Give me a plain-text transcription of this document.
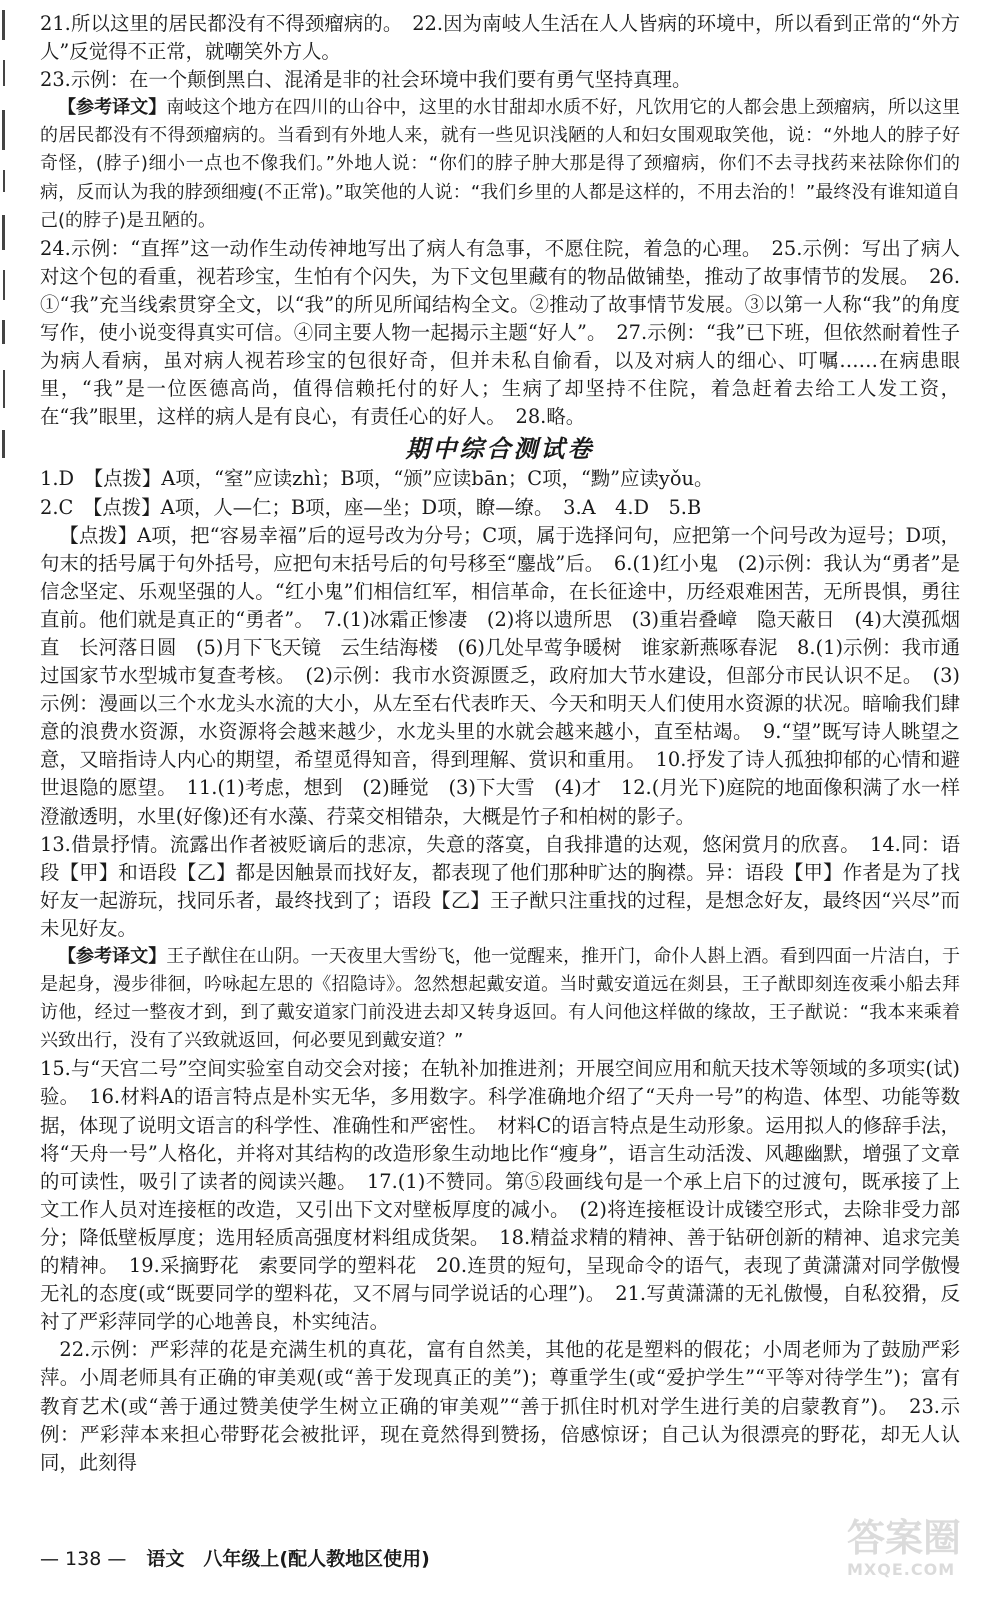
21.所以这里的居民都没有不得颈瘤病的。　22.因为南岐人生活在人人皆病的环境中，所以看到正常的“外方人”反觉得不正常，就嘲笑外方人。

23.示例：在一个颠倒黑白、混淆是非的社会环境中我们要有勇气坚持真理。

【参考译文】南岐这个地方在四川的山谷中，这里的水甘甜却水质不好，凡饮用它的人都会患上颈瘤病，所以这里的居民都没有不得颈瘤病的。当看到有外地人来，就有一些见识浅陋的人和妇女围观取笑他，说：“外地人的脖子好奇怪，(脖子)细小一点也不像我们。”外地人说：“你们的脖子肿大那是得了颈瘤病，你们不去寻找药来祛除你们的病，反而认为我的脖颈细瘦(不正常)。”取笑他的人说：“我们乡里的人都是这样的，不用去治的！”最终没有谁知道自己(的脖子)是丑陋的。

24.示例：“直挥”这一动作生动传神地写出了病人有急事，不愿住院，着急的心理。　25.示例：写出了病人对这个包的看重，视若珍宝，生怕有个闪失，为下文包里藏有的物品做铺垫，推动了故事情节的发展。　26.①“我”充当线索贯穿全文，以“我”的所见所闻结构全文。②推动了故事情节发展。③以第一人称“我”的角度写作，使小说变得真实可信。④同主要人物一起揭示主题“好人”。　27.示例：“我”已下班，但依然耐着性子为病人看病，虽对病人视若珍宝的包很好奇，但并未私自偷看，以及对病人的细心、叮嘱……在病患眼里，“我”是一位医德高尚，值得信赖托付的好人；生病了却坚持不住院，着急赶着去给工人发工资，在“我”眼里，这样的病人是有良心，有责任心的好人。　28.略。

期中综合测试卷

1.D　【点拨】A项，“窒”应读zhì；B项，“颁”应读bān；C项，“黝”应读yǒu。

2.C　【点拨】A项，人—仁；B项，座—坐；D项，瞭—缭。　3.A　4.D　5.B

【点拨】A项，把“容易幸福”后的逗号改为分号；C项，属于选择问句，应把第一个问号改为逗号；D项，句末的括号属于句外括号，应把句末括号后的句号移至“鏖战”后。　6.(1)红小鬼　(2)示例：我认为“勇者”是信念坚定、乐观坚强的人。“红小鬼”们相信红军，相信革命，在长征途中，历经艰难困苦，无所畏惧，勇往直前。他们就是真正的“勇者”。　7.(1)冰霜正惨凄　(2)将以遗所思　(3)重岩叠嶂　隐天蔽日　(4)大漠孤烟直　长河落日圆　(5)月下飞天镜　云生结海楼　(6)几处早莺争暖树　谁家新燕啄春泥　8.(1)示例：我市通过国家节水型城市复查考核。　(2)示例：我市水资源匮乏，政府加大节水建设，但部分市民认识不足。　(3)示例：漫画以三个水龙头水流的大小，从左至右代表昨天、今天和明天人们使用水资源的状况。暗喻我们肆意的浪费水资源，水资源将会越来越少，水龙头里的水就会越来越小，直至枯竭。　9.“望”既写诗人眺望之意，又暗指诗人内心的期望，希望觅得知音，得到理解、赏识和重用。　10.抒发了诗人孤独抑郁的心情和避世退隐的愿望。　11.(1)考虑，想到　(2)睡觉　(3)下大雪　(4)才　12.(月光下)庭院的地面像积满了水一样澄澈透明，水里(好像)还有水藻、荇菜交相错杂，大概是竹子和柏树的影子。

13.借景抒情。流露出作者被贬谪后的悲凉，失意的落寞，自我排遣的达观，悠闲赏月的欣喜。　14.同：语段【甲】和语段【乙】都是因触景而找好友，都表现了他们那种旷达的胸襟。异：语段【甲】作者是为了找好友一起游玩，找同乐者，最终找到了；语段【乙】王子猷只注重找的过程，是想念好友，最终因“兴尽”而未见好友。

【参考译文】王子猷住在山阴。一天夜里大雪纷飞，他一觉醒来，推开门，命仆人斟上酒。看到四面一片洁白，于是起身，漫步徘徊，吟咏起左思的《招隐诗》。忽然想起戴安道。当时戴安道远在剡县，王子猷即刻连夜乘小船去拜访他，经过一整夜才到，到了戴安道家门前没进去却又转身返回。有人问他这样做的缘故，王子猷说：“我本来乘着兴致出行，没有了兴致就返回，何必要见到戴安道？”

15.与“天宫二号”空间实验室自动交会对接；在轨补加推进剂；开展空间应用和航天技术等领域的多项实(试)验。　16.材料A的语言特点是朴实无华，多用数字。科学准确地介绍了“天舟一号”的构造、体型、功能等数据，体现了说明文语言的科学性、准确性和严密性。　材料C的语言特点是生动形象。运用拟人的修辞手法，将“天舟一号”人格化，并将对其结构的改造形象生动地比作“瘦身”，语言生动活泼、风趣幽默，增强了文章的可读性，吸引了读者的阅读兴趣。　17.(1)不赞同。第⑤段画线句是一个承上启下的过渡句，既承接了上文工作人员对连接框的改造，又引出下文对壁板厚度的减小。　(2)将连接框设计成镂空形式，去除非受力部分；降低壁板厚度；选用轻质高强度材料组成货架。　18.精益求精的精神、善于钻研创新的精神、追求完美的精神。　19.采摘野花　索要同学的塑料花　20.连贯的短句，呈现命令的语气，表现了黄潇潇对同学傲慢无礼的态度(或“既要同学的塑料花，又不屑与同学说话的心理”)。　21.写黄潇潇的无礼傲慢，自私狡猾，反衬了严彩萍同学的心地善良，朴实纯洁。

22.示例：严彩萍的花是充满生机的真花，富有自然美，其他的花是塑料的假花；小周老师为了鼓励严彩萍。小周老师具有正确的审美观(或“善于发现真正的美”)；尊重学生(或“爱护学生”“平等对待学生”)；富有教育艺术(或“善于通过赞美使学生树立正确的审美观”“善于抓住时机对学生进行美的启蒙教育”)。　23.示例：严彩萍本来担心带野花会被批评，现在竟然得到赞扬，倍感惊讶；自己认为很漂亮的野花，却无人认同，此刻得

— 138 — 语文　八年级上(配人教地区使用)	答案圈
MXQE.COM
